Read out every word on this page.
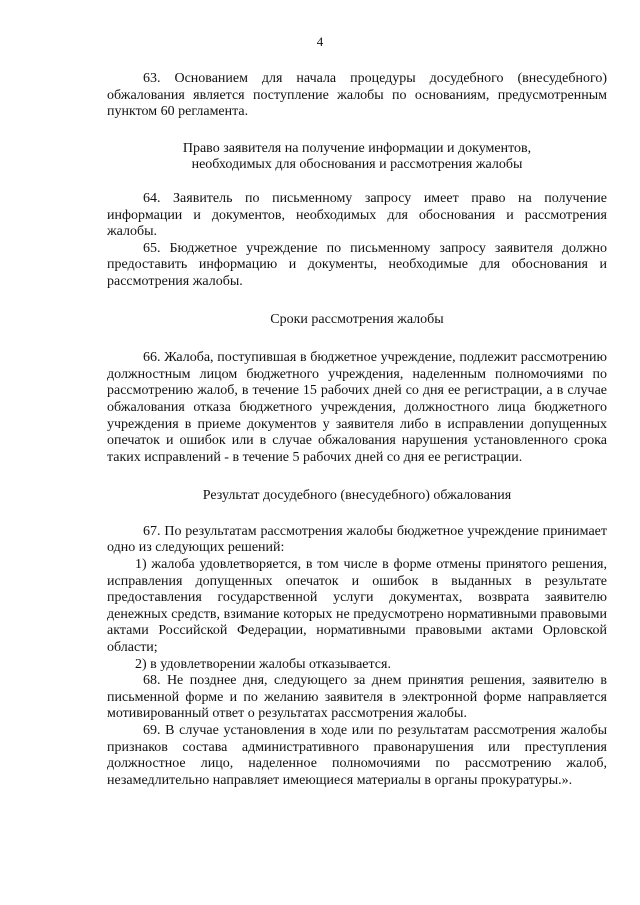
4

63. Основанием для начала процедуры досудебного (внесудебного) обжалования является поступление жалобы по основаниям, предусмотренным пунктом 60 регламента.

Право заявителя на получение информации и документов,

необходимых для обоснования и рассмотрения жалобы

64. Заявитель по письменному запросу имеет право на получение информации и документов, необходимых для обоснования и рассмотрения жалобы.

65. Бюджетное учреждение по письменному запросу заявителя должно предоставить информацию и документы, необходимые для обоснования и рассмотрения жалобы.

Сроки рассмотрения жалобы

66. Жалоба, поступившая в бюджетное учреждение, подлежит рассмотрению должностным лицом бюджетного учреждения, наделенным полномочиями по рассмотрению жалоб, в течение 15 рабочих дней со дня ее регистрации, а в случае обжалования отказа бюджетного учреждения, должностного лица бюджетного учреждения в приеме документов у заявителя либо в исправлении допущенных опечаток и ошибок или в случае обжалования нарушения установленного срока таких исправлений - в течение 5 рабочих дней со дня ее регистрации.

Результат досудебного (внесудебного) обжалования

67. По результатам рассмотрения жалобы бюджетное учреждение принимает одно из следующих решений:

1) жалоба удовлетворяется, в том числе в форме отмены принятого решения, исправления допущенных опечаток и ошибок в выданных в результате предоставления государственной услуги документах, возврата заявителю денежных средств, взимание которых не предусмотрено нормативными правовыми актами Российской Федерации, нормативными правовыми актами Орловской области;

2) в удовлетворении жалобы отказывается.

68. Не позднее дня, следующего за днем принятия решения, заявителю в письменной форме и по желанию заявителя в электронной форме направляется мотивированный ответ о результатах рассмотрения жалобы.

69. В случае установления в ходе или по результатам рассмотрения жалобы признаков состава административного правонарушения или преступления должностное лицо, наделенное полномочиями по рассмотрению жалоб, незамедлительно направляет имеющиеся материалы в органы прокуратуры.».
